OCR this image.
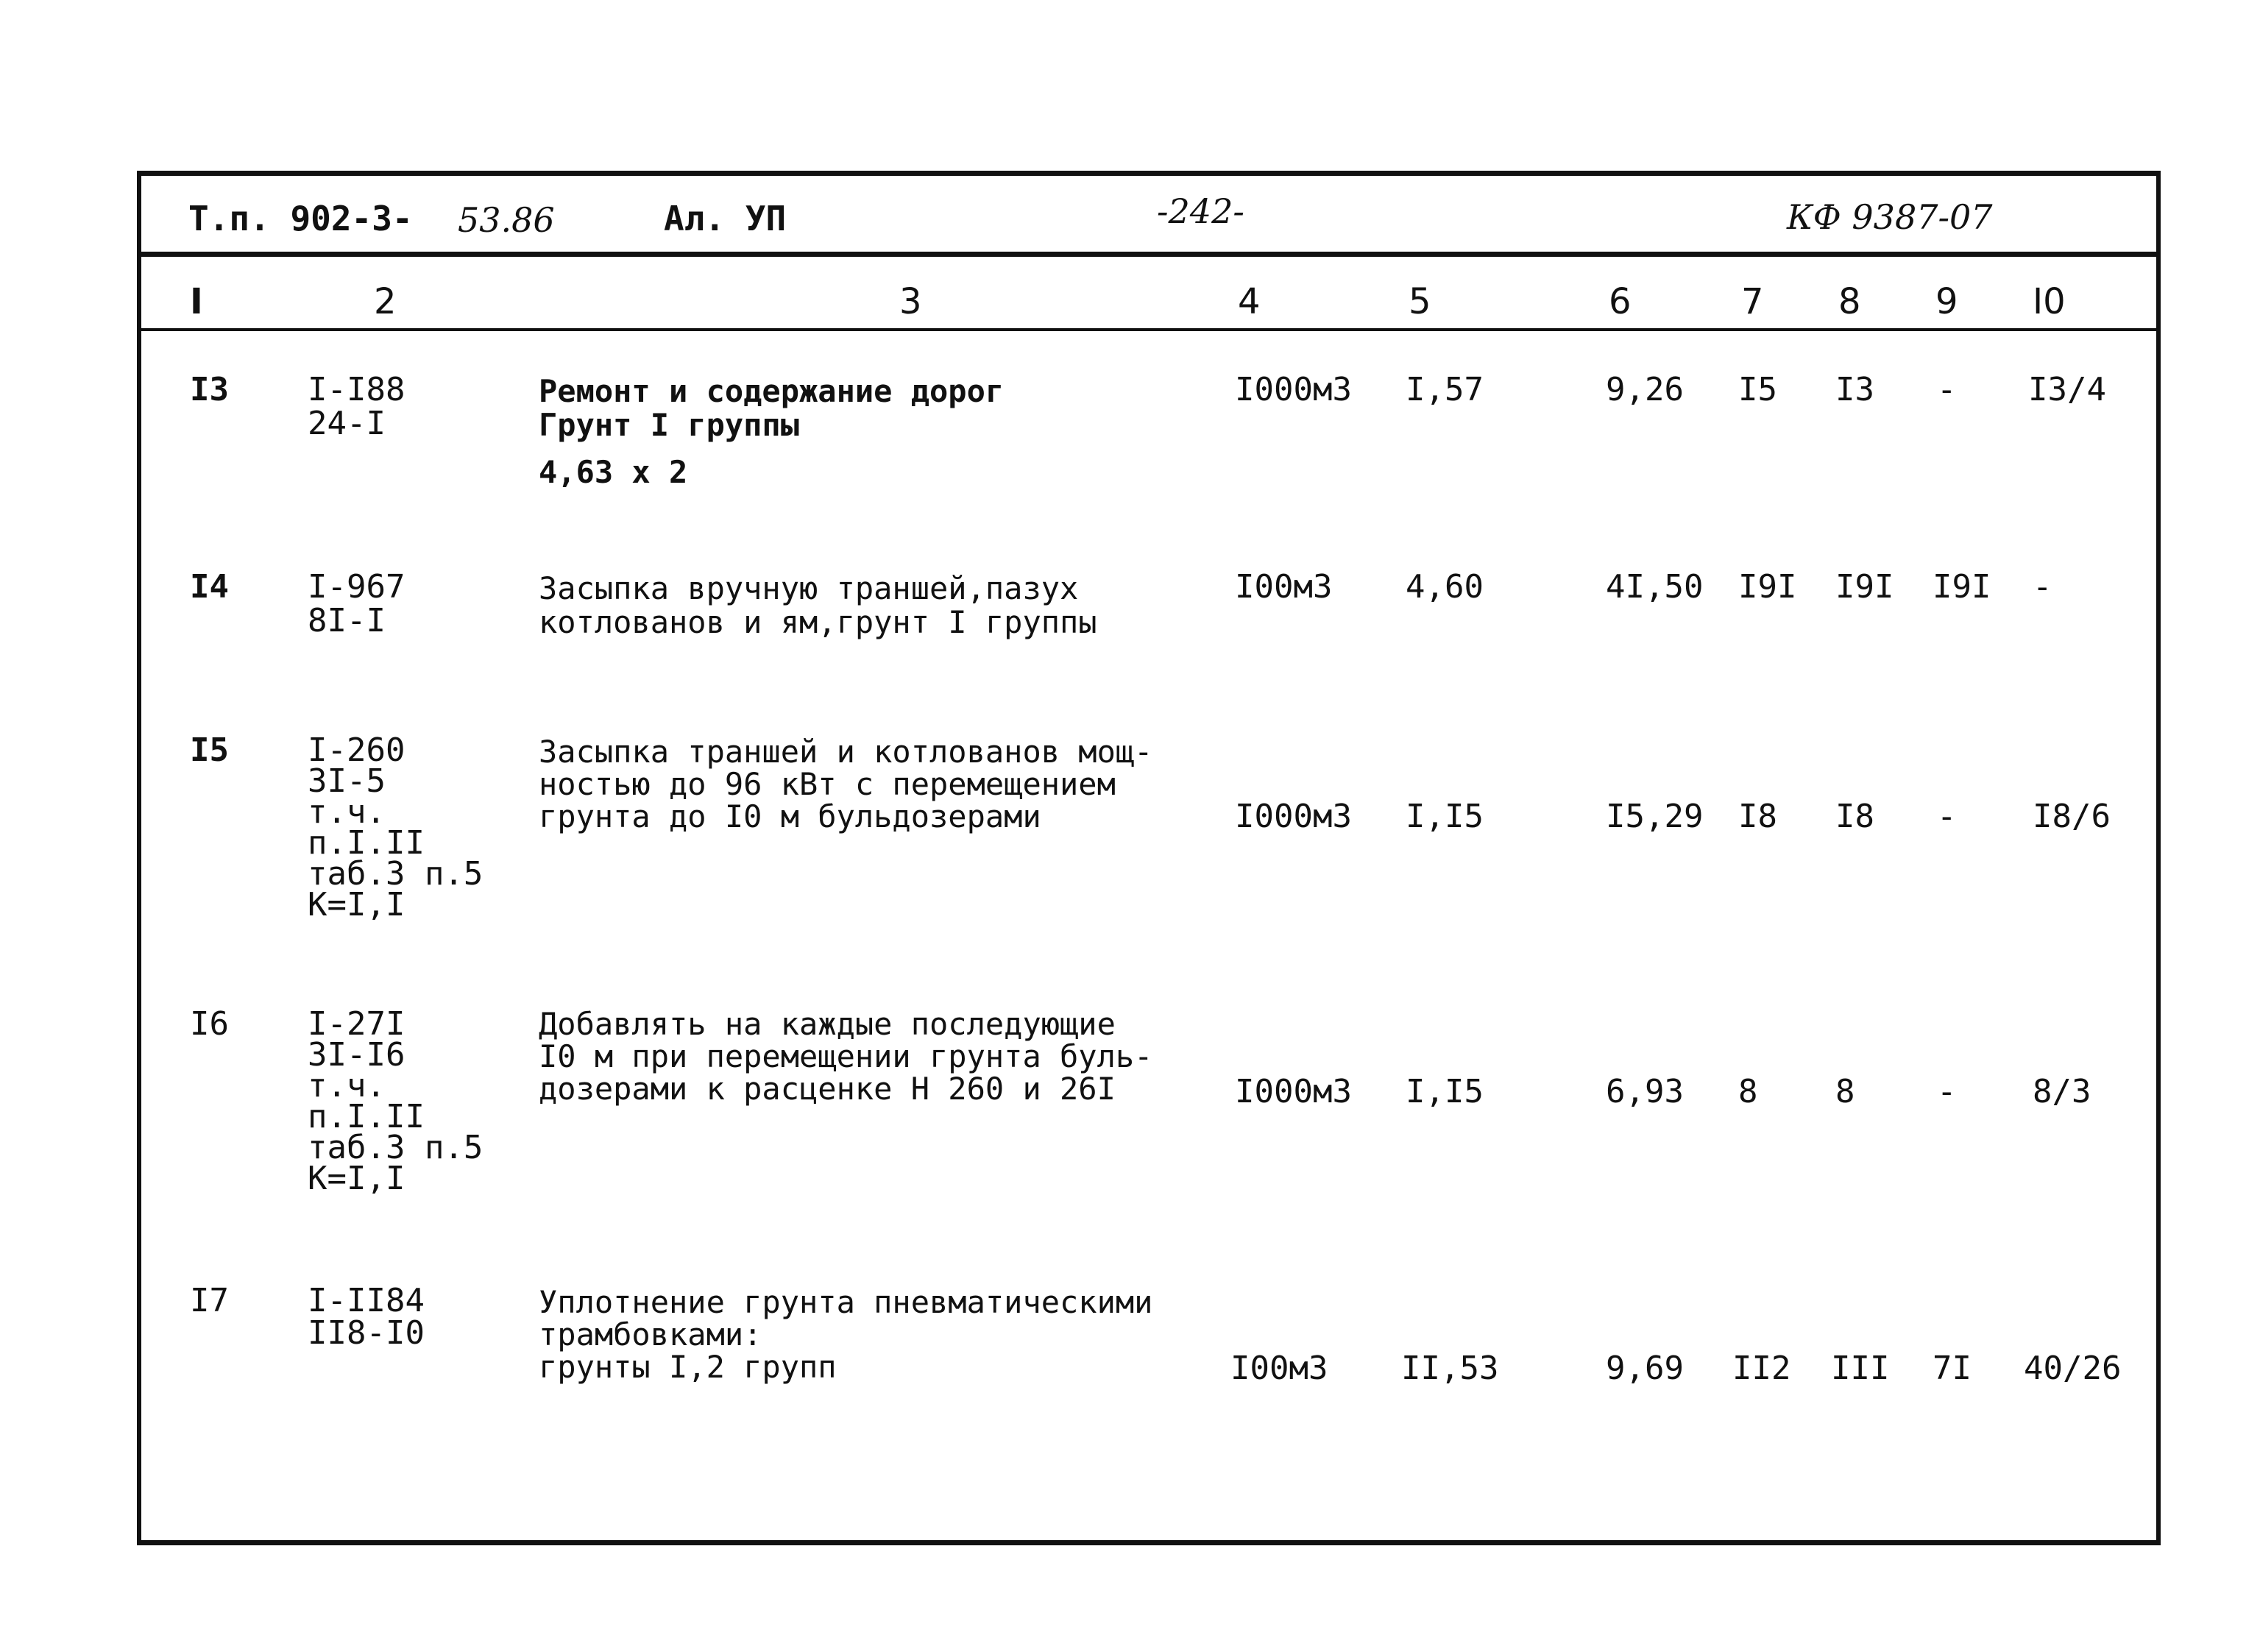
Т.п. 902-3- 53.86	Ал. УП	-242-	КФ 9387-07
I	2	3	4	5	6	7 8 9 I0
I3 I-I88
24-I
Ремонт и содержание дорог
Грунт I группы
4,63 х 2
I000м3 I,57	9,26 I5 I3 - I3/4
I4 I-967
8I-I
Засыпка вручную траншей,пазух
котлованов и ям,грунт I группы
I00м3 4,60	4I,50 I9I I9I I9I -
I5 I-260
3I-5
т.ч.
п.I.II
таб.3 п.5
К=I,I
Засыпка траншей и котлованов мощ-
ностью до 96 кВт с перемещением
грунта до I0 м бульдозерами	I000м3 I,I5	I5,29 I8 I8 - I8/6
I6 I-27I
3I-I6
т.ч.
п.I.II
таб.3 п.5
К=I,I
Добавлять на каждые последующие
I0 м при перемещении грунта буль-
дозерами к расценке Н 260 и 26I	I000м3 I,I5	6,93 8 8	- 8/3
I7 I-II84
II8-I0
Уплотнение грунта пневматическими
трамбовками:
грунты I,2 групп	I00м3 II,53	9,69 II2 III 7I 40/26
